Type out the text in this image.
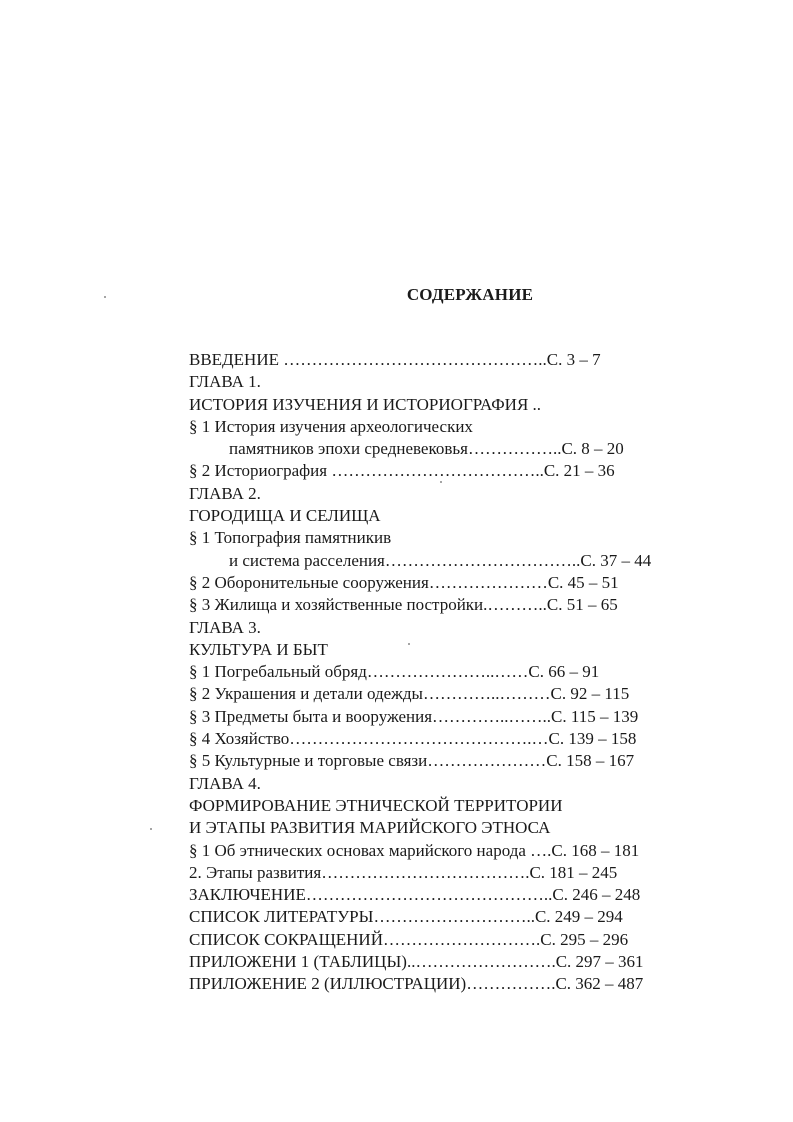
СОДЕРЖАНИЕ
ВВЕДЕНИЕ ………………………………………..С. 3 – 7
ГЛАВА 1.
ИСТОРИЯ ИЗУЧЕНИЯ И ИСТОРИОГРАФИЯ ..
§ 1 История изучения археологических
памятников эпохи средневековья……………..С. 8 – 20
§ 2 Историография ………………………………..С. 21 – 36
ГЛАВА 2.
ГОРОДИЩА И СЕЛИЩА
§ 1 Топография памятникив
и система расселения……………………………..С. 37 – 44
§ 2 Оборонительные сооружения…………………С. 45 – 51
§ 3 Жилища и хозяйственные постройки.………..С. 51 – 65
ГЛАВА 3.
КУЛЬТУРА И БЫТ
§ 1 Погребальный обряд…………………..……С. 66 – 91
§ 2 Украшения и детали одежды…………..………С. 92 – 115
§ 3 Предметы быта и вооружения…………..……..С. 115 – 139
§ 4 Хозяйство…………………………………….…С. 139 – 158
§ 5 Культурные и торговые связи…………………С. 158 – 167
ГЛАВА 4.
ФОРМИРОВАНИЕ ЭТНИЧЕСКОЙ ТЕРРИТОРИИ
И ЭТАПЫ РАЗВИТИЯ МАРИЙСКОГО ЭТНОСА
§ 1 Об этнических основах марийского народа ….С. 168 – 181
2. Этапы развития……………………………….С. 181 – 245
ЗАКЛЮЧЕНИЕ……………………………………..С. 246 – 248
СПИСОК ЛИТЕРАТУРЫ………………………..С. 249 – 294
СПИСОК СОКРАЩЕНИЙ……………………….С. 295 – 296
ПРИЛОЖЕНИ 1 (ТАБЛИЦЫ)..…………………….С. 297 – 361
ПРИЛОЖЕНИЕ 2 (ИЛЛЮСТРАЦИИ)…………….С. 362 – 487
